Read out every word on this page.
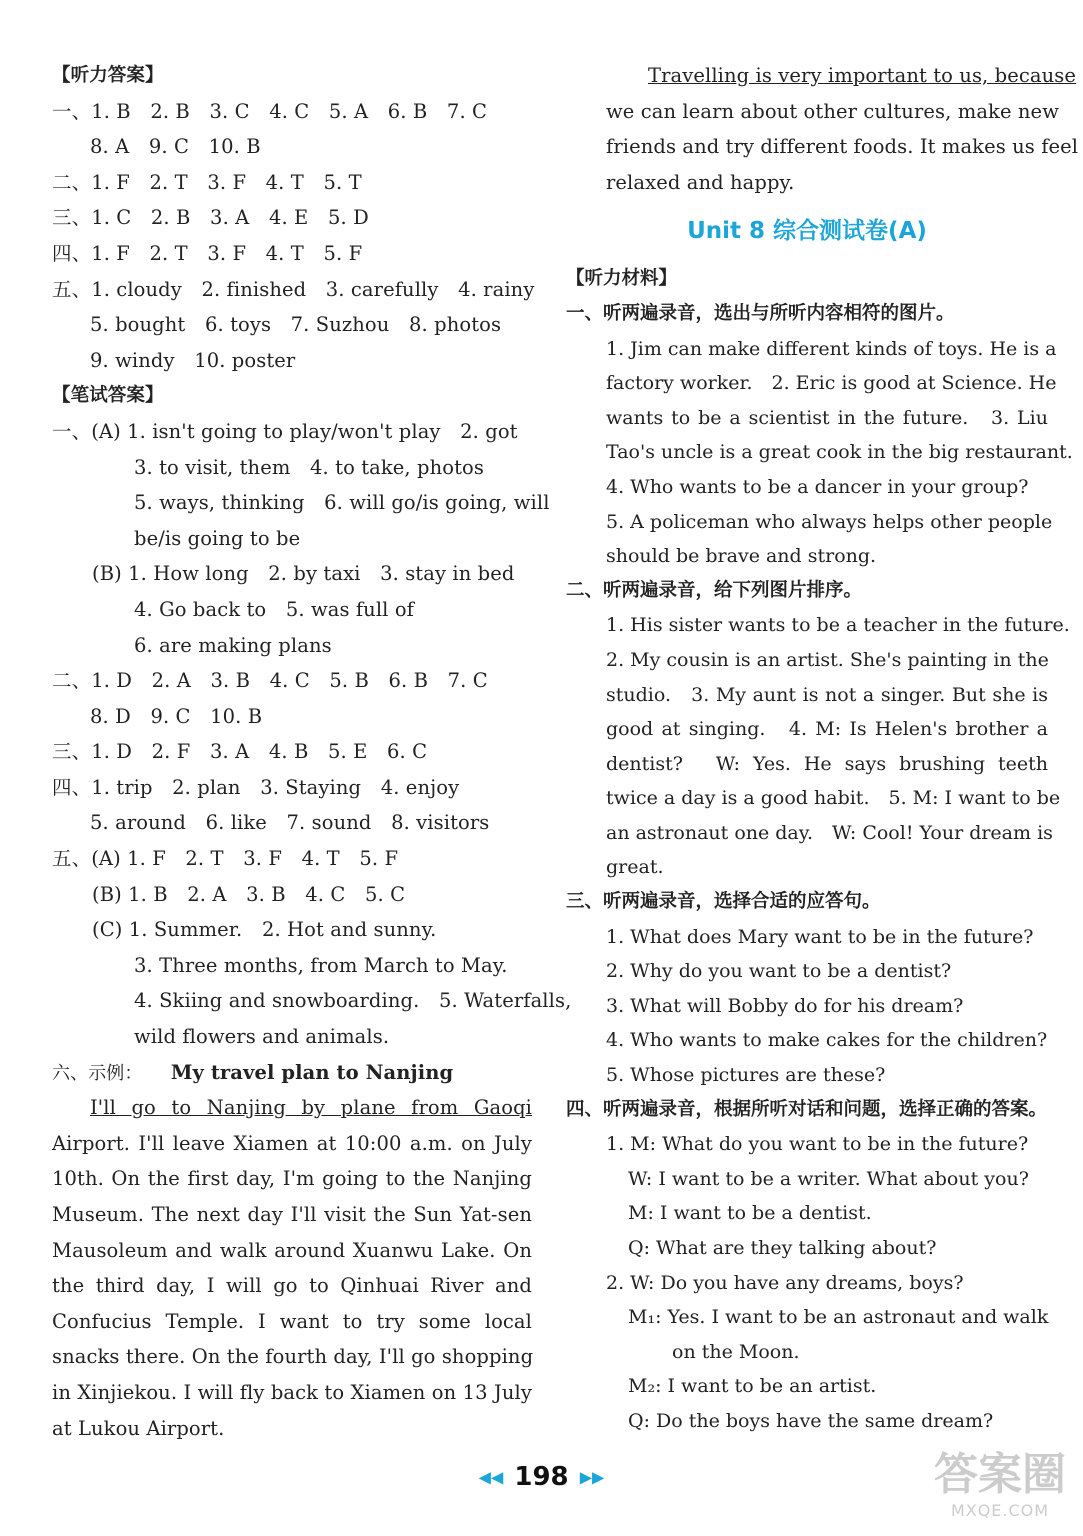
【听力答案】
一、1. B　2. B　3. C　4. C　5. A　6. B　7. C
8. A　9. C　10. B
二、1. F　2. T　3. F　4. T　5. T
三、1. C　2. B　3. A　4. E　5. D
四、1. F　2. T　3. F　4. T　5. F
五、1. cloudy　2. finished　3. carefully　4. rainy
5. bought　6. toys　7. Suzhou　8. photos
9. windy　10. poster
【笔试答案】
一、(A) 1. isn't going to play/won't play　2. got
3. to visit, them　4. to take, photos
5. ways, thinking　6. will go/is going, will
be/is going to be
(B) 1. How long　2. by taxi　3. stay in bed
4. Go back to　5. was full of
6. are making plans
二、1. D　2. A　3. B　4. C　5. B　6. B　7. C
8. D　9. C　10. B
三、1. D　2. F　3. A　4. B　5. E　6. C
四、1. trip　2. plan　3. Staying　4. enjoy
5. around　6. like　7. sound　8. visitors
五、(A) 1. F　2. T　3. F　4. T　5. F
(B) 1. B　2. A　3. B　4. C　5. C
(C) 1. Summer.　2. Hot and sunny.
3. Three months, from March to May.
4. Skiing and snowboarding.　5. Waterfalls,
wild flowers and animals.
六、示例： My travel plan to Nanjing
I'll go to Nanjing by plane from Gaoqi
Airport. I'll leave Xiamen at 10:00 a.m. on July
10th. On the first day, I'm going to the Nanjing
Museum. The next day I'll visit the Sun Yat-sen
Mausoleum and walk around Xuanwu Lake. On
the third day, I will go to Qinhuai River and
Confucius Temple. I want to try some local
snacks there. On the fourth day, I'll go shopping
in Xinjiekou. I will fly back to Xiamen on 13 July
at Lukou Airport.
Travelling is very important to us, because
we can learn about other cultures, make new
friends and try different foods. It makes us feel
relaxed and happy.
Unit 8 综合测试卷(A)
【听力材料】
一、听两遍录音，选出与所听内容相符的图片。
1. Jim can make different kinds of toys. He is a
factory worker.　2. Eric is good at Science. He
wants to be a scientist in the future.　3. Liu
Tao's uncle is a great cook in the big restaurant.
4. Who wants to be a dancer in your group?
5. A policeman who always helps other people
should be brave and strong.
二、听两遍录音，给下列图片排序。
1. His sister wants to be a teacher in the future.
2. My cousin is an artist. She's painting in the
studio.　3. My aunt is not a singer. But she is
good at singing.　4. M: Is Helen's brother a
dentist?　W: Yes. He says brushing teeth
twice a day is a good habit.　5. M: I want to be
an astronaut one day.　W: Cool! Your dream is
great.
三、听两遍录音，选择合适的应答句。
1. What does Mary want to be in the future?
2. Why do you want to be a dentist?
3. What will Bobby do for his dream?
4. Who wants to make cakes for the children?
5. Whose pictures are these?
四、听两遍录音，根据所听对话和问题，选择正确的答案。
1. M: What do you want to be in the future?
W: I want to be a writer. What about you?
M: I want to be a dentist.
Q: What are they talking about?
2. W: Do you have any dreams, boys?
M₁: Yes. I want to be an astronaut and walk
on the Moon.
M₂: I want to be an artist.
Q: Do the boys have the same dream?
◀◀ 198 ▶▶	答案圈
MXQE.COM
